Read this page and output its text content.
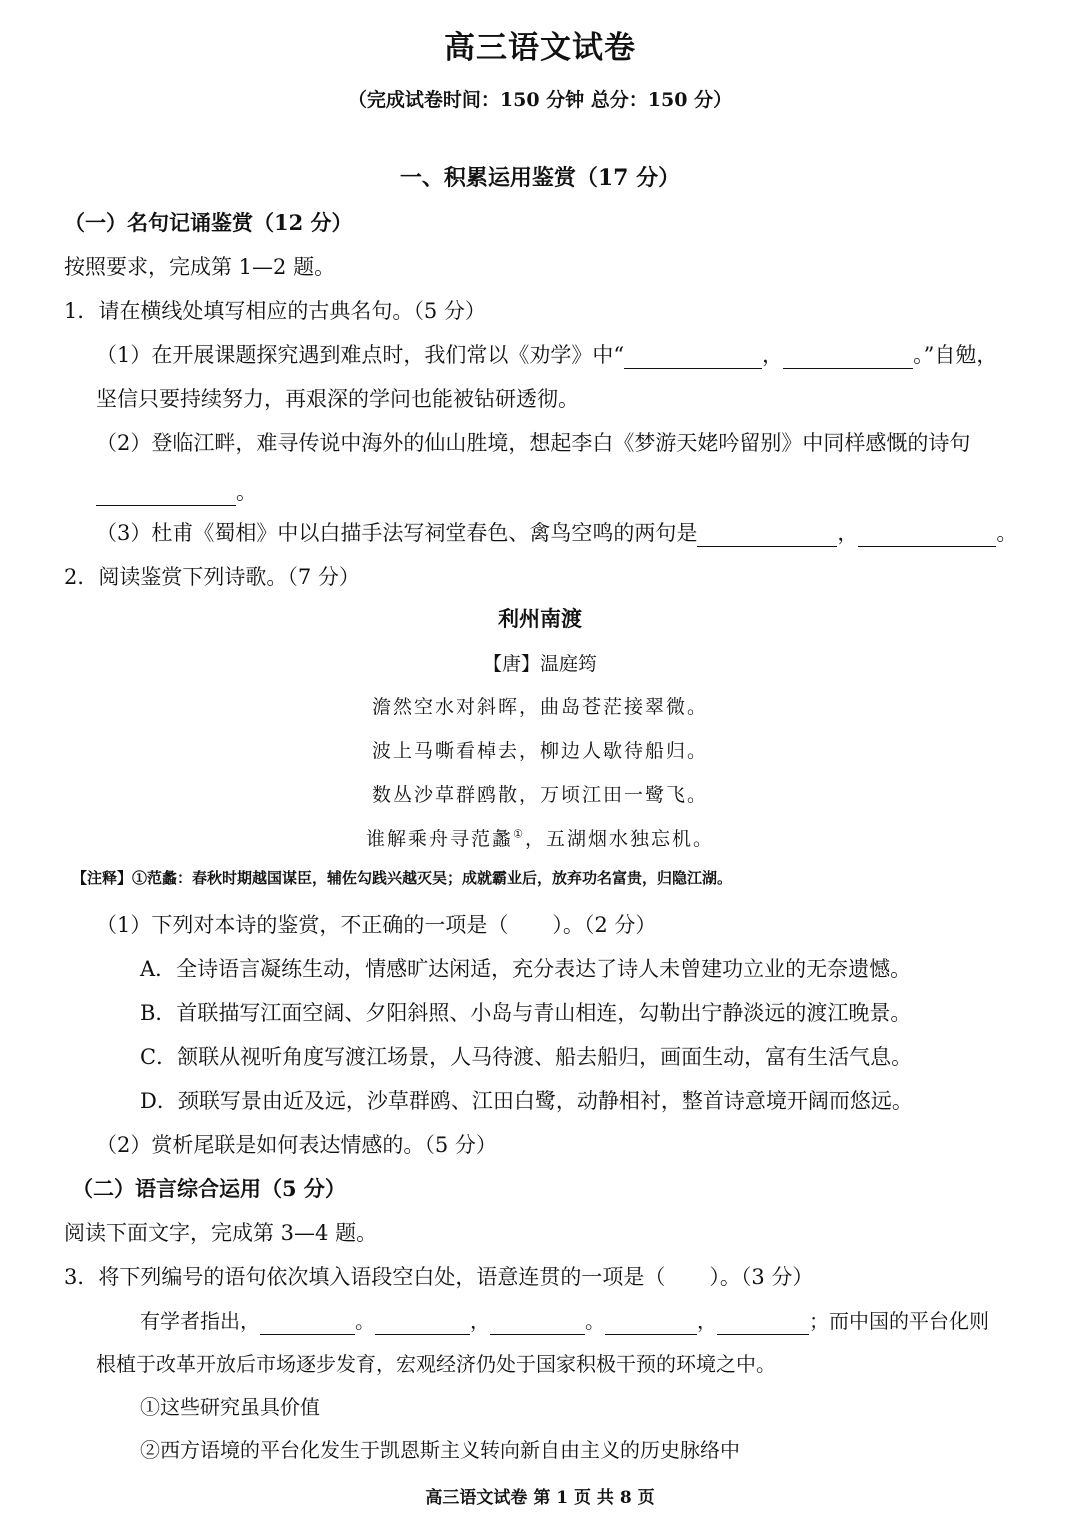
高三语文试卷
（完成试卷时间：150 分钟 总分：150 分）
一、积累运用鉴赏（17 分）
（一）名句记诵鉴赏（12 分）
按照要求，完成第 1—2 题。
1．请在横线处填写相应的古典名句。（5 分）
（1）在开展课题探究遇到难点时，我们常以《劝学》中“	，	。”自勉，
坚信只要持续努力，再艰深的学问也能被钻研透彻。
（2）登临江畔，难寻传说中海外的仙山胜境，想起李白《梦游天姥吟留别》中同样感慨的诗句
。
（3）杜甫《蜀相》中以白描手法写祠堂春色、禽鸟空鸣的两句是	，	。
2．阅读鉴赏下列诗歌。（7 分）
利州南渡
【唐】温庭筠
澹然空水对斜晖，曲岛苍茫接翠微。
波上马嘶看棹去，柳边人歇待船归。
数丛沙草群鸥散，万顷江田一鹭飞。
谁解乘舟寻范蠡①，五湖烟水独忘机。
【注释】①范蠡：春秋时期越国谋臣，辅佐勾践兴越灭吴；成就霸业后，放弃功名富贵，归隐江湖。
（1）下列对本诗的鉴赏，不正确的一项是（ ）。（2 分）
A．全诗语言凝练生动，情感旷达闲适，充分表达了诗人未曾建功立业的无奈遗憾。
B．首联描写江面空阔、夕阳斜照、小岛与青山相连，勾勒出宁静淡远的渡江晚景。
C．颔联从视听角度写渡江场景，人马待渡、船去船归，画面生动，富有生活气息。
D．颈联写景由近及远，沙草群鸥、江田白鹭，动静相衬，整首诗意境开阔而悠远。
（2）赏析尾联是如何表达情感的。（5 分）
（二）语言综合运用（5 分）
阅读下面文字，完成第 3—4 题。
3．将下列编号的语句依次填入语段空白处，语意连贯的一项是（ ）。（3 分）
有学者指出，	。	，	。	，	；而中国的平台化则
根植于改革开放后市场逐步发育，宏观经济仍处于国家积极干预的环境之中。
①这些研究虽具价值
②西方语境的平台化发生于凯恩斯主义转向新自由主义的历史脉络中
高三语文试卷 第 1 页 共 8 页
